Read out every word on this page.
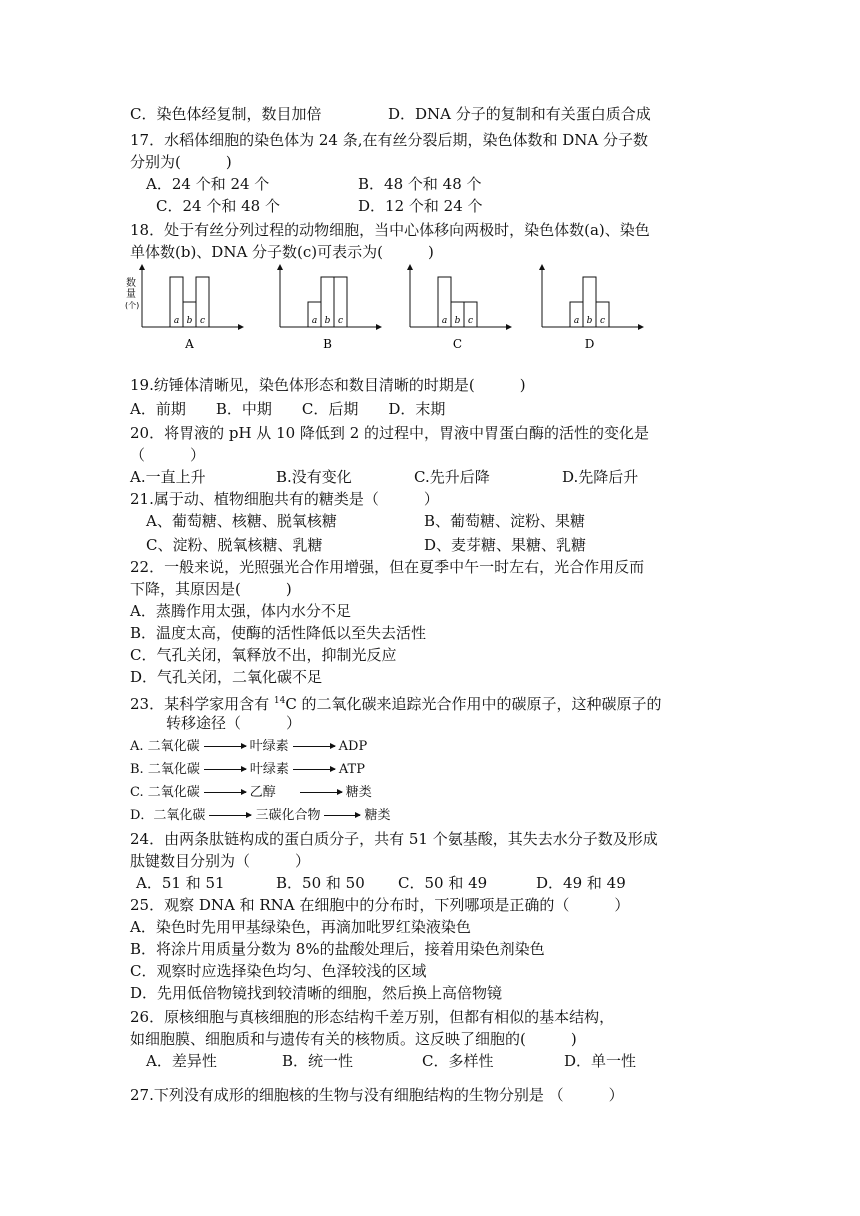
C．染色体经复制，数目加倍	D．DNA 分子的复制和有关蛋白质合成
17．水稻体细胞的染色体为 24 条,在有丝分裂后期，染色体数和 DNA 分子数
分别为(　　　)
A．24 个和 24 个	B．48 个和 48 个
C．24 个和 48 个	D．12 个和 24 个
18．处于有丝分列过程的动物细胞，当中心体移向两极时，染色体数(a)、染色
单体数(b)、DNA 分子数(c)可表示为(　　　)
数量(个)
a b c
A
a b c
B
a b c
C
a b c
D
19.纺锤体清晰见，染色体形态和数目清晰的时期是(　　　)
A．前期　　B．中期　　C．后期　　D．末期
20．将胃液的 pH 从 10 降低到 2 的过程中，胃液中胃蛋白酶的活性的变化是
（　　　）
A.一直上升	B.没有变化	C.先升后降	D.先降后升
21.属于动、植物细胞共有的糖类是（　　　）
A、葡萄糖、核糖、脱氧核糖	B、葡萄糖、淀粉、果糖
C、淀粉、脱氧核糖、乳糖	D、麦芽糖、果糖、乳糖
22．一般来说，光照强光合作用增强，但在夏季中午一时左右，光合作用反而
下降，其原因是(　　　)
A．蒸腾作用太强，体内水分不足
B．温度太高，使酶的活性降低以至失去活性
C．气孔关闭，氧释放不出，抑制光反应
D．气孔关闭，二氧化碳不足
23．某科学家用含有 $^{14}$C 的二氧化碳来追踪光合作用中的碳原子，这种碳原子的
转移途径（　　　）
A. 二氧化碳	叶绿素	ADP
B. 二氧化碳	叶绿素	ATP
C. 二氧化碳	乙醇	糖类
D．二氧化碳	三碳化合物	糖类
24．由两条肽链构成的蛋白质分子，共有 51 个氨基酸，其失去水分子数及形成
肽键数目分别为（　　　）
A．51 和 51	B．50 和 50 C．50 和 49	D．49 和 49
25．观察 DNA 和 RNA 在细胞中的分布时，下列哪项是正确的（　　　）
A．染色时先用甲基绿染色，再滴加吡罗红染液染色
B．将涂片用质量分数为 8%的盐酸处理后，接着用染色剂染色
C．观察时应选择染色均匀、色泽较浅的区域
D．先用低倍物镜找到较清晰的细胞，然后换上高倍物镜
26．原核细胞与真核细胞的形态结构千差万别，但都有相似的基本结构，
如细胞膜、细胞质和与遗传有关的核物质。这反映了细胞的(　　　)
A．差异性	B．统一性	C．多样性	D．单一性
27.下列没有成形的细胞核的生物与没有细胞结构的生物分别是 （　　　）
